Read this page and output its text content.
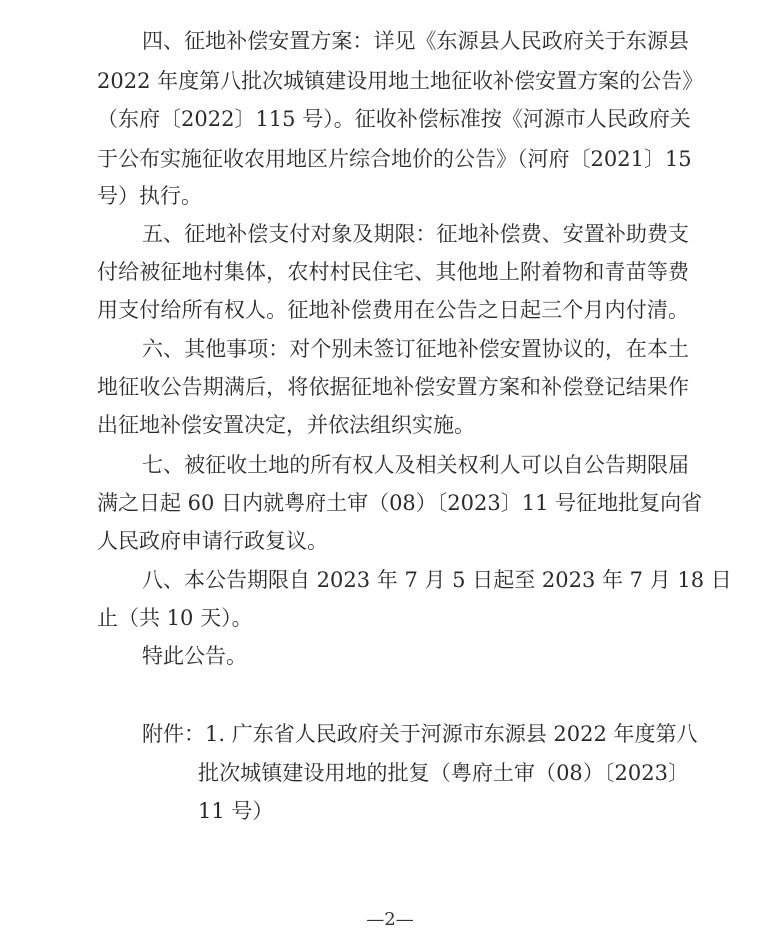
四、征地补偿安置方案：详见《东源县人民政府关于东源县
2022 年度第八批次城镇建设用地土地征收补偿安置方案的公告》
（东府〔2022〕115 号）。征收补偿标准按《河源市人民政府关
于公布实施征收农用地区片综合地价的公告》（河府〔2021〕15
号）执行。
五、征地补偿支付对象及期限：征地补偿费、安置补助费支
付给被征地村集体，农村村民住宅、其他地上附着物和青苗等费
用支付给所有权人。征地补偿费用在公告之日起三个月内付清。
六、其他事项：对个别未签订征地补偿安置协议的，在本土
地征收公告期满后，将依据征地补偿安置方案和补偿登记结果作
出征地补偿安置决定，并依法组织实施。
七、被征收土地的所有权人及相关权利人可以自公告期限届
满之日起 60 日内就粤府土审（08）〔2023〕11 号征地批复向省
人民政府申请行政复议。
八、本公告期限自 2023 年 7 月 5 日起至 2023 年 7 月 18 日
止（共 10 天）。
特此公告。
附件：1. 广东省人民政府关于河源市东源县 2022 年度第八
批次城镇建设用地的批复（粤府土审（08）〔2023〕
11 号）
—2—
